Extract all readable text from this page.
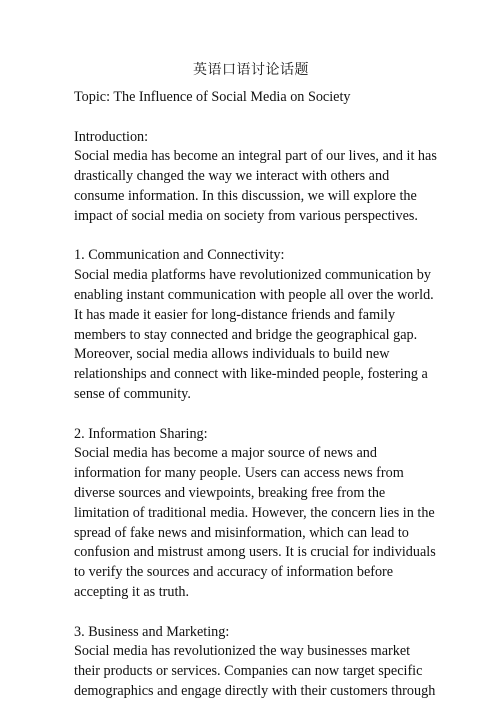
英语口语讨论话题

Topic: The Influence of Social Media on Society

Introduction:

Social media has become an integral part of our lives, and it has drastically changed the way we interact with others and consume information. In this discussion, we will explore the impact of social media on society from various perspectives.

1. Communication and Connectivity:

Social media platforms have revolutionized communication by enabling instant communication with people all over the world. It has made it easier for long-distance friends and family members to stay connected and bridge the geographical gap. Moreover, social media allows individuals to build new relationships and connect with like-minded people, fostering a sense of community.

2. Information Sharing:

Social media has become a major source of news and information for many people. Users can access news from diverse sources and viewpoints, breaking free from the limitation of traditional media. However, the concern lies in the spread of fake news and misinformation, which can lead to confusion and mistrust among users. It is crucial for individuals to verify the sources and accuracy of information before accepting it as truth.

3. Business and Marketing:

Social media has revolutionized the way businesses market their products or services. Companies can now target specific demographics and engage directly with their customers through
